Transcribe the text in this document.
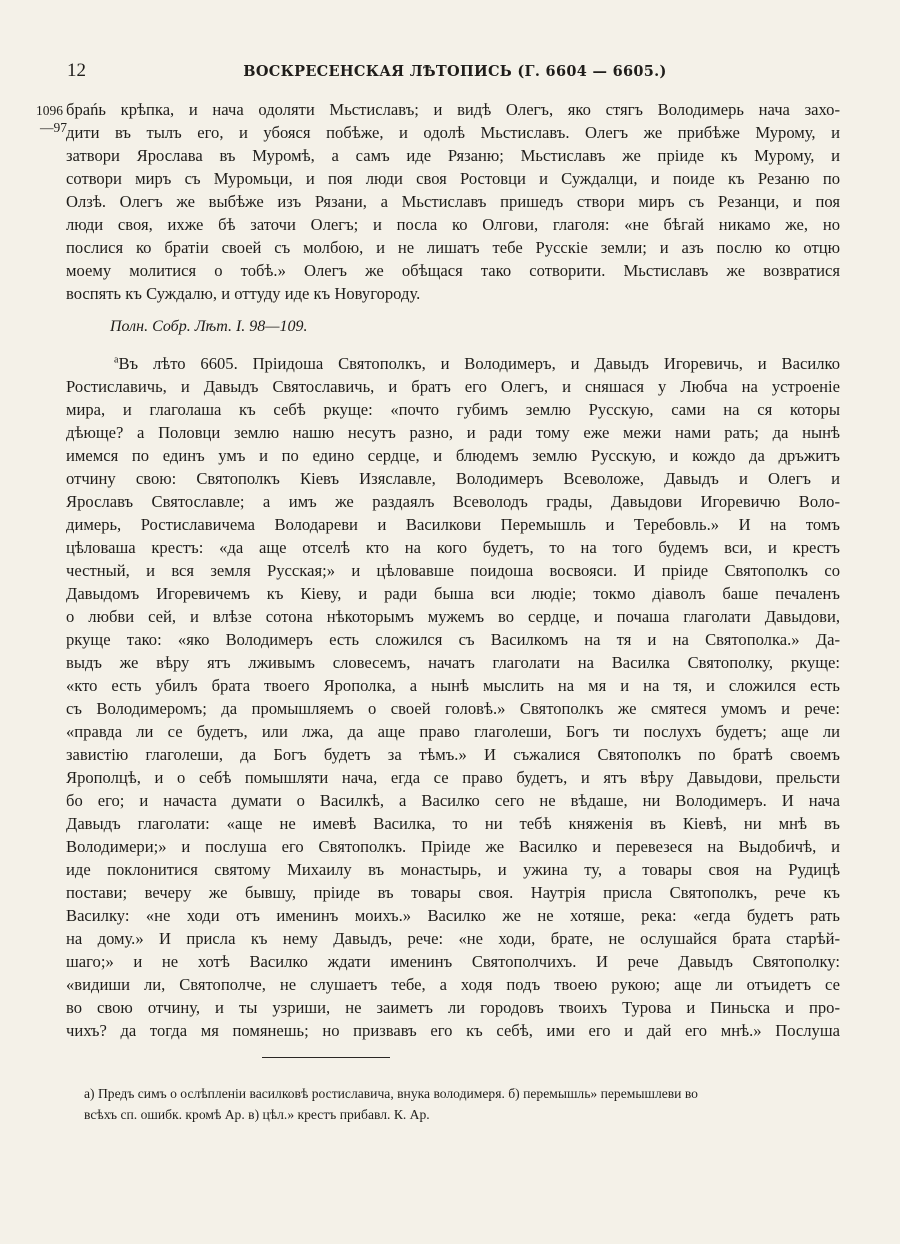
12	ВОСКРЕСЕНСКАЯ ЛѢТОПИСЬ (Г. 6604 — 6605.)
1096
—97
браńь крѣпка, и нача одоляти Мьстиславъ; и видѣ Олегъ, яко стягъ Володимерь нача захо-
дити въ тылъ его, и убояся побѣже, и одолѣ Мьстиславъ. Олегъ же прибѣже Мурому, и
затвори Ярослава въ Муромѣ, а самъ иде Рязаню; Мьстиславъ же пріиде къ Мурому, и
сотвори миръ съ Муромьци, и поя люди своя Ростовци и Суждалци, и поиде къ Резаню по
Олзѣ. Олегъ же выбѣже изъ Рязани, а Мьстиславъ пришедъ створи миръ съ Резанци, и поя
люди своя, ихже бѣ заточи Олегъ; и посла ко Олгови, глаголя: «не бѣгай никамо же, но
послися ко братіи своей съ молбою, и не лишатъ тебе Русскіе земли; и азъ послю ко отцю
моему молитися о тобѣ.» Олегъ же обѣщася тако сотворити. Мьстиславъ же возвратися
воспять къ Суждалю, и оттуду иде къ Новугороду.
Полн. Собр. Лѣт. I. 98—109.
$^а$Въ лѣто 6605. Пріидоша Святополкъ, и Володимеръ, и Давыдъ Игоревичь, и Василко
Ростиславичь, и Давыдъ Святославичь, и братъ его Олегъ, и сняшася у Любча на устроеніе
мира, и глаголаша къ себѣ ркуще: «почто губимъ землю Русскую, сами на ся которы
дѣюще? а Половци землю нашю несутъ разно, и ради тому еже межи нами рать; да нынѣ
имемся по единъ умъ и по едино сердце, и блюдемъ землю Русскую, и кождо да дръжитъ
отчину свою: Святополкъ Кіевъ Изяславле, Володимеръ Всеволоже, Давыдъ и Олегъ и
Ярославъ Святославле; а имъ же раздаялъ Всеволодъ грады, Давыдови Игоревичю Воло-
димерь, Ростиславичема Володареви и Василкови Перемышль и Теребовль.» И на томъ
цѣловаша крестъ: «да аще отселѣ кто на кого будетъ, то на того будемъ вси, и крестъ
честный, и вся земля Русская;» и цѣловавше поидоша восвояси. И пріиде Святополкъ со
Давыдомъ Игоревичемъ къ Кіеву, и ради быша вси людіе; токмо діаволъ баше печаленъ
о любви сей, и влѣзе сотона нѣкоторымъ мужемъ во сердце, и почаша глаголати Давыдови,
ркуще тако: «яко Володимеръ есть сложился съ Василкомъ на тя и на Святополка.» Да-
выдъ же вѣру ятъ лживымъ словесемъ, начатъ глаголати на Василка Святополку, ркуще:
«кто есть убилъ брата твоего Ярополка, а нынѣ мыслить на мя и на тя, и сложился есть
съ Володимеромъ; да промышляемъ о своей головѣ.» Святополкъ же смятеся умомъ и рече:
«правда ли се будетъ, или лжа, да аще право глаголеши, Богъ ти послухъ будетъ; аще ли
завистію глаголеши, да Богъ будетъ за тѣмъ.» И съжалися Святополкъ по братѣ своемъ
Ярополцѣ, и о себѣ помышляти нача, егда се право будетъ, и ятъ вѣру Давыдови, прельсти
бо его; и начаста думати о Василкѣ, а Василко сего не вѣдаше, ни Володимеръ. И нача
Давыдъ глаголати: «аще не имевѣ Василка, то ни тебѣ княженія въ Кіевѣ, ни мнѣ въ
Володимери;» и послуша его Святополкъ. Пріиде же Василко и перевезеся на Выдобичѣ, и
иде поклонитися святому Михаилу въ монастырь, и ужина ту, а товары своя на Рудицѣ
постави; вечеру же бывшу, пріиде въ товары своя. Наутрія присла Святополкъ, рече къ
Василку: «не ходи отъ именинъ моихъ.» Василко же не хотяше, река: «егда будетъ рать
на дому.» И присла къ нему Давыдъ, рече: «не ходи, брате, не ослушайся брата старѣй-
шаго;» и не хотѣ Василко ждати именинъ Святополчихъ. И рече Давыдъ Святополку:
«видиши ли, Святополче, не слушаетъ тебе, а ходя подъ твоею рукою; аще ли отъидетъ се
во свою отчину, и ты узриши, не заиметъ ли городовъ твоихъ Турова и Пиньска и про-
чихъ? да тогда мя помянешь; но призвавъ его къ себѣ, ими его и дай его мнѣ.» Послуша
а) Предъ симъ о ослѣпленіи василковѣ ростиславича, внука володимеря. б) перемышль» перемышлеви во
всѣхъ сп. ошибк. кромѣ Ар. в) цѣл.» крестъ прибавл. К. Ар.
